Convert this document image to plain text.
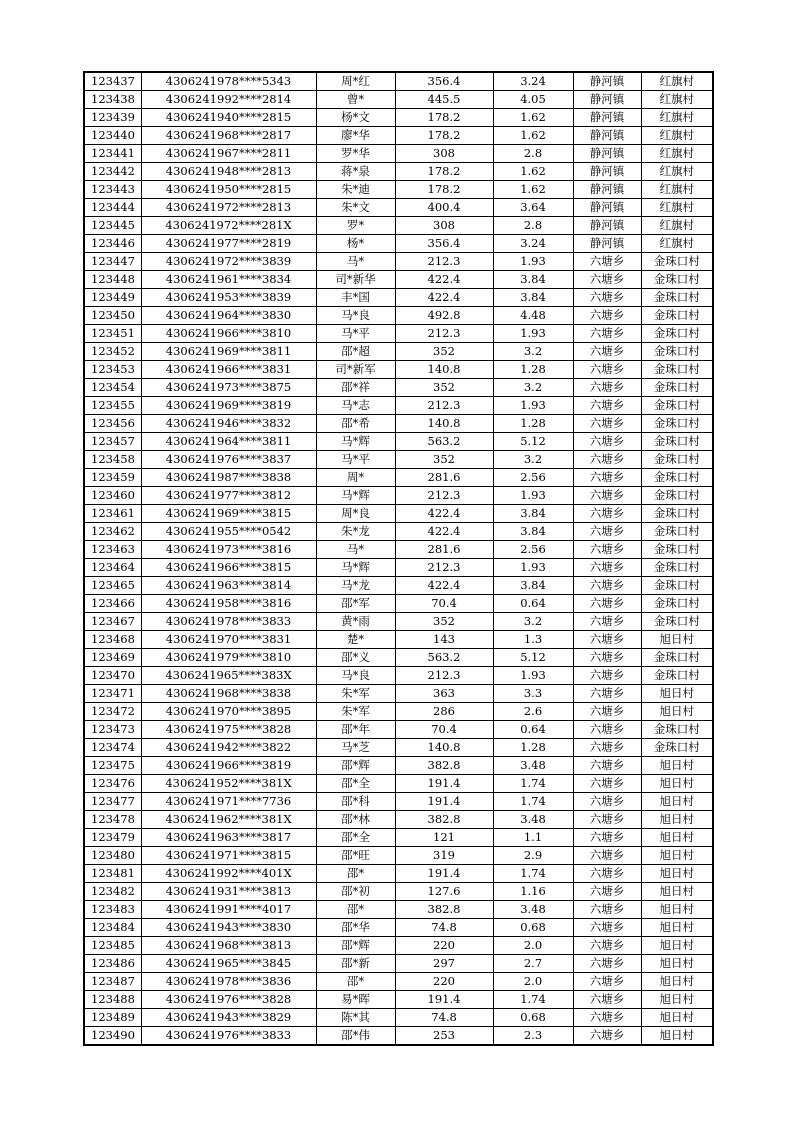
123437	4306241978****5343	周*红	356.4	3.24	静河镇	红旗村
123438	4306241992****2814	曾*	445.5	4.05	静河镇	红旗村
123439	4306241940****2815	杨*文	178.2	1.62	静河镇	红旗村
123440	4306241968****2817	廖*华	178.2	1.62	静河镇	红旗村
123441	4306241967****2811	罗*华	308	2.8	静河镇	红旗村
123442	4306241948****2813	蒋*泉	178.2	1.62	静河镇	红旗村
123443	4306241950****2815	朱*迪	178.2	1.62	静河镇	红旗村
123444	4306241972****2813	朱*文	400.4	3.64	静河镇	红旗村
123445	4306241972****281X	罗*	308	2.8	静河镇	红旗村
123446	4306241977****2819	杨*	356.4	3.24	静河镇	红旗村
123447	4306241972****3839	马*	212.3	1.93	六塘乡	金珠口村
123448	4306241961****3834	司*新华	422.4	3.84	六塘乡	金珠口村
123449	4306241953****3839	丰*国	422.4	3.84	六塘乡	金珠口村
123450	4306241964****3830	马*良	492.8	4.48	六塘乡	金珠口村
123451	4306241966****3810	马*平	212.3	1.93	六塘乡	金珠口村
123452	4306241969****3811	邵*超	352	3.2	六塘乡	金珠口村
123453	4306241966****3831	司*新军	140.8	1.28	六塘乡	金珠口村
123454	4306241973****3875	邵*祥	352	3.2	六塘乡	金珠口村
123455	4306241969****3819	马*志	212.3	1.93	六塘乡	金珠口村
123456	4306241946****3832	邵*希	140.8	1.28	六塘乡	金珠口村
123457	4306241964****3811	马*辉	563.2	5.12	六塘乡	金珠口村
123458	4306241976****3837	马*平	352	3.2	六塘乡	金珠口村
123459	4306241987****3838	周*	281.6	2.56	六塘乡	金珠口村
123460	4306241977****3812	马*辉	212.3	1.93	六塘乡	金珠口村
123461	4306241969****3815	周*良	422.4	3.84	六塘乡	金珠口村
123462	4306241955****0542	朱*龙	422.4	3.84	六塘乡	金珠口村
123463	4306241973****3816	马*	281.6	2.56	六塘乡	金珠口村
123464	4306241966****3815	马*辉	212.3	1.93	六塘乡	金珠口村
123465	4306241963****3814	马*龙	422.4	3.84	六塘乡	金珠口村
123466	4306241958****3816	邵*军	70.4	0.64	六塘乡	金珠口村
123467	4306241978****3833	黄*雨	352	3.2	六塘乡	金珠口村
123468	4306241970****3831	楚*	143	1.3	六塘乡	旭日村
123469	4306241979****3810	邵*义	563.2	5.12	六塘乡	金珠口村
123470	4306241965****383X	马*良	212.3	1.93	六塘乡	金珠口村
123471	4306241968****3838	朱*军	363	3.3	六塘乡	旭日村
123472	4306241970****3895	朱*军	286	2.6	六塘乡	旭日村
123473	4306241975****3828	邵*年	70.4	0.64	六塘乡	金珠口村
123474	4306241942****3822	马*芝	140.8	1.28	六塘乡	金珠口村
123475	4306241966****3819	邵*辉	382.8	3.48	六塘乡	旭日村
123476	4306241952****381X	邵*全	191.4	1.74	六塘乡	旭日村
123477	4306241971****7736	邵*科	191.4	1.74	六塘乡	旭日村
123478	4306241962****381X	邵*林	382.8	3.48	六塘乡	旭日村
123479	4306241963****3817	邵*全	121	1.1	六塘乡	旭日村
123480	4306241971****3815	邵*旺	319	2.9	六塘乡	旭日村
123481	4306241992****401X	邵*	191.4	1.74	六塘乡	旭日村
123482	4306241931****3813	邵*初	127.6	1.16	六塘乡	旭日村
123483	4306241991****4017	邵*	382.8	3.48	六塘乡	旭日村
123484	4306241943****3830	邵*华	74.8	0.68	六塘乡	旭日村
123485	4306241968****3813	邵*辉	220	2.0	六塘乡	旭日村
123486	4306241965****3845	邵*新	297	2.7	六塘乡	旭日村
123487	4306241978****3836	邵*	220	2.0	六塘乡	旭日村
123488	4306241976****3828	易*晖	191.4	1.74	六塘乡	旭日村
123489	4306241943****3829	陈*其	74.8	0.68	六塘乡	旭日村
123490	4306241976****3833	邵*伟	253	2.3	六塘乡	旭日村
